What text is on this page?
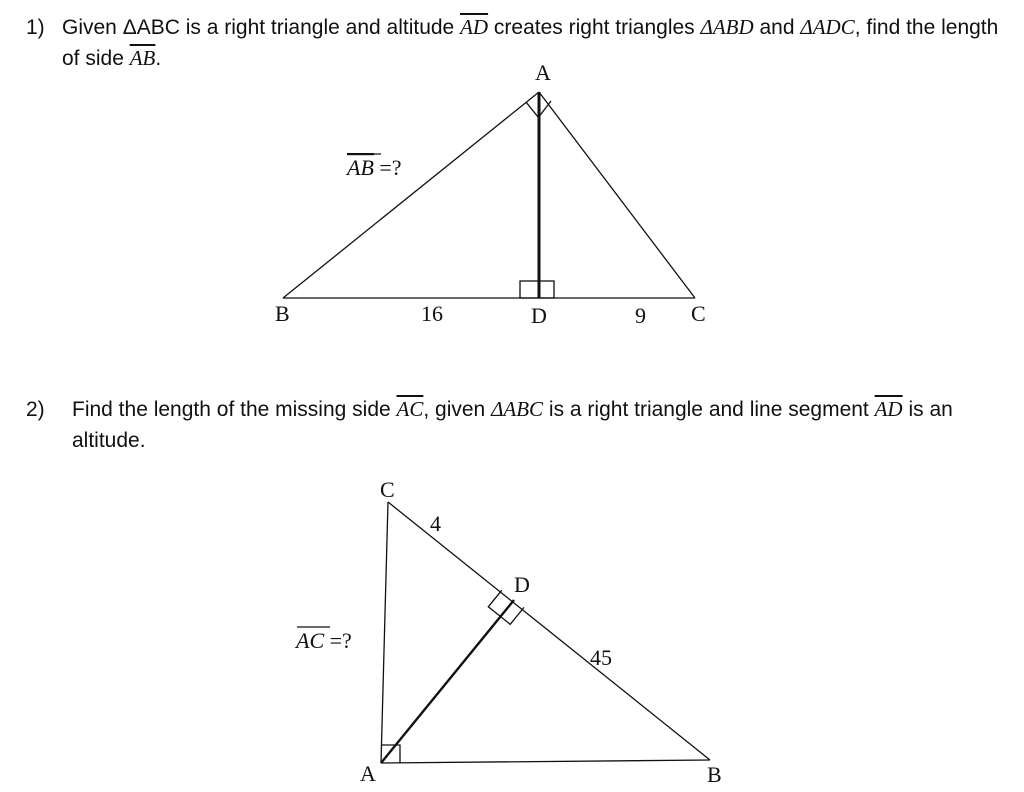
1) Given ΔABC is a right triangle and altitude $\overline{AD}$ creates right triangles ΔABD and ΔADC, find the length of side $\overline{AB}$.
2) Find the length of the missing side $\overline{AC}$, given ΔABC is a right triangle and line segment $\overline{AD}$ is an altitude.
A
B	C
D
16	9
AB =?
C
D
A	B
4
45
AC =?
